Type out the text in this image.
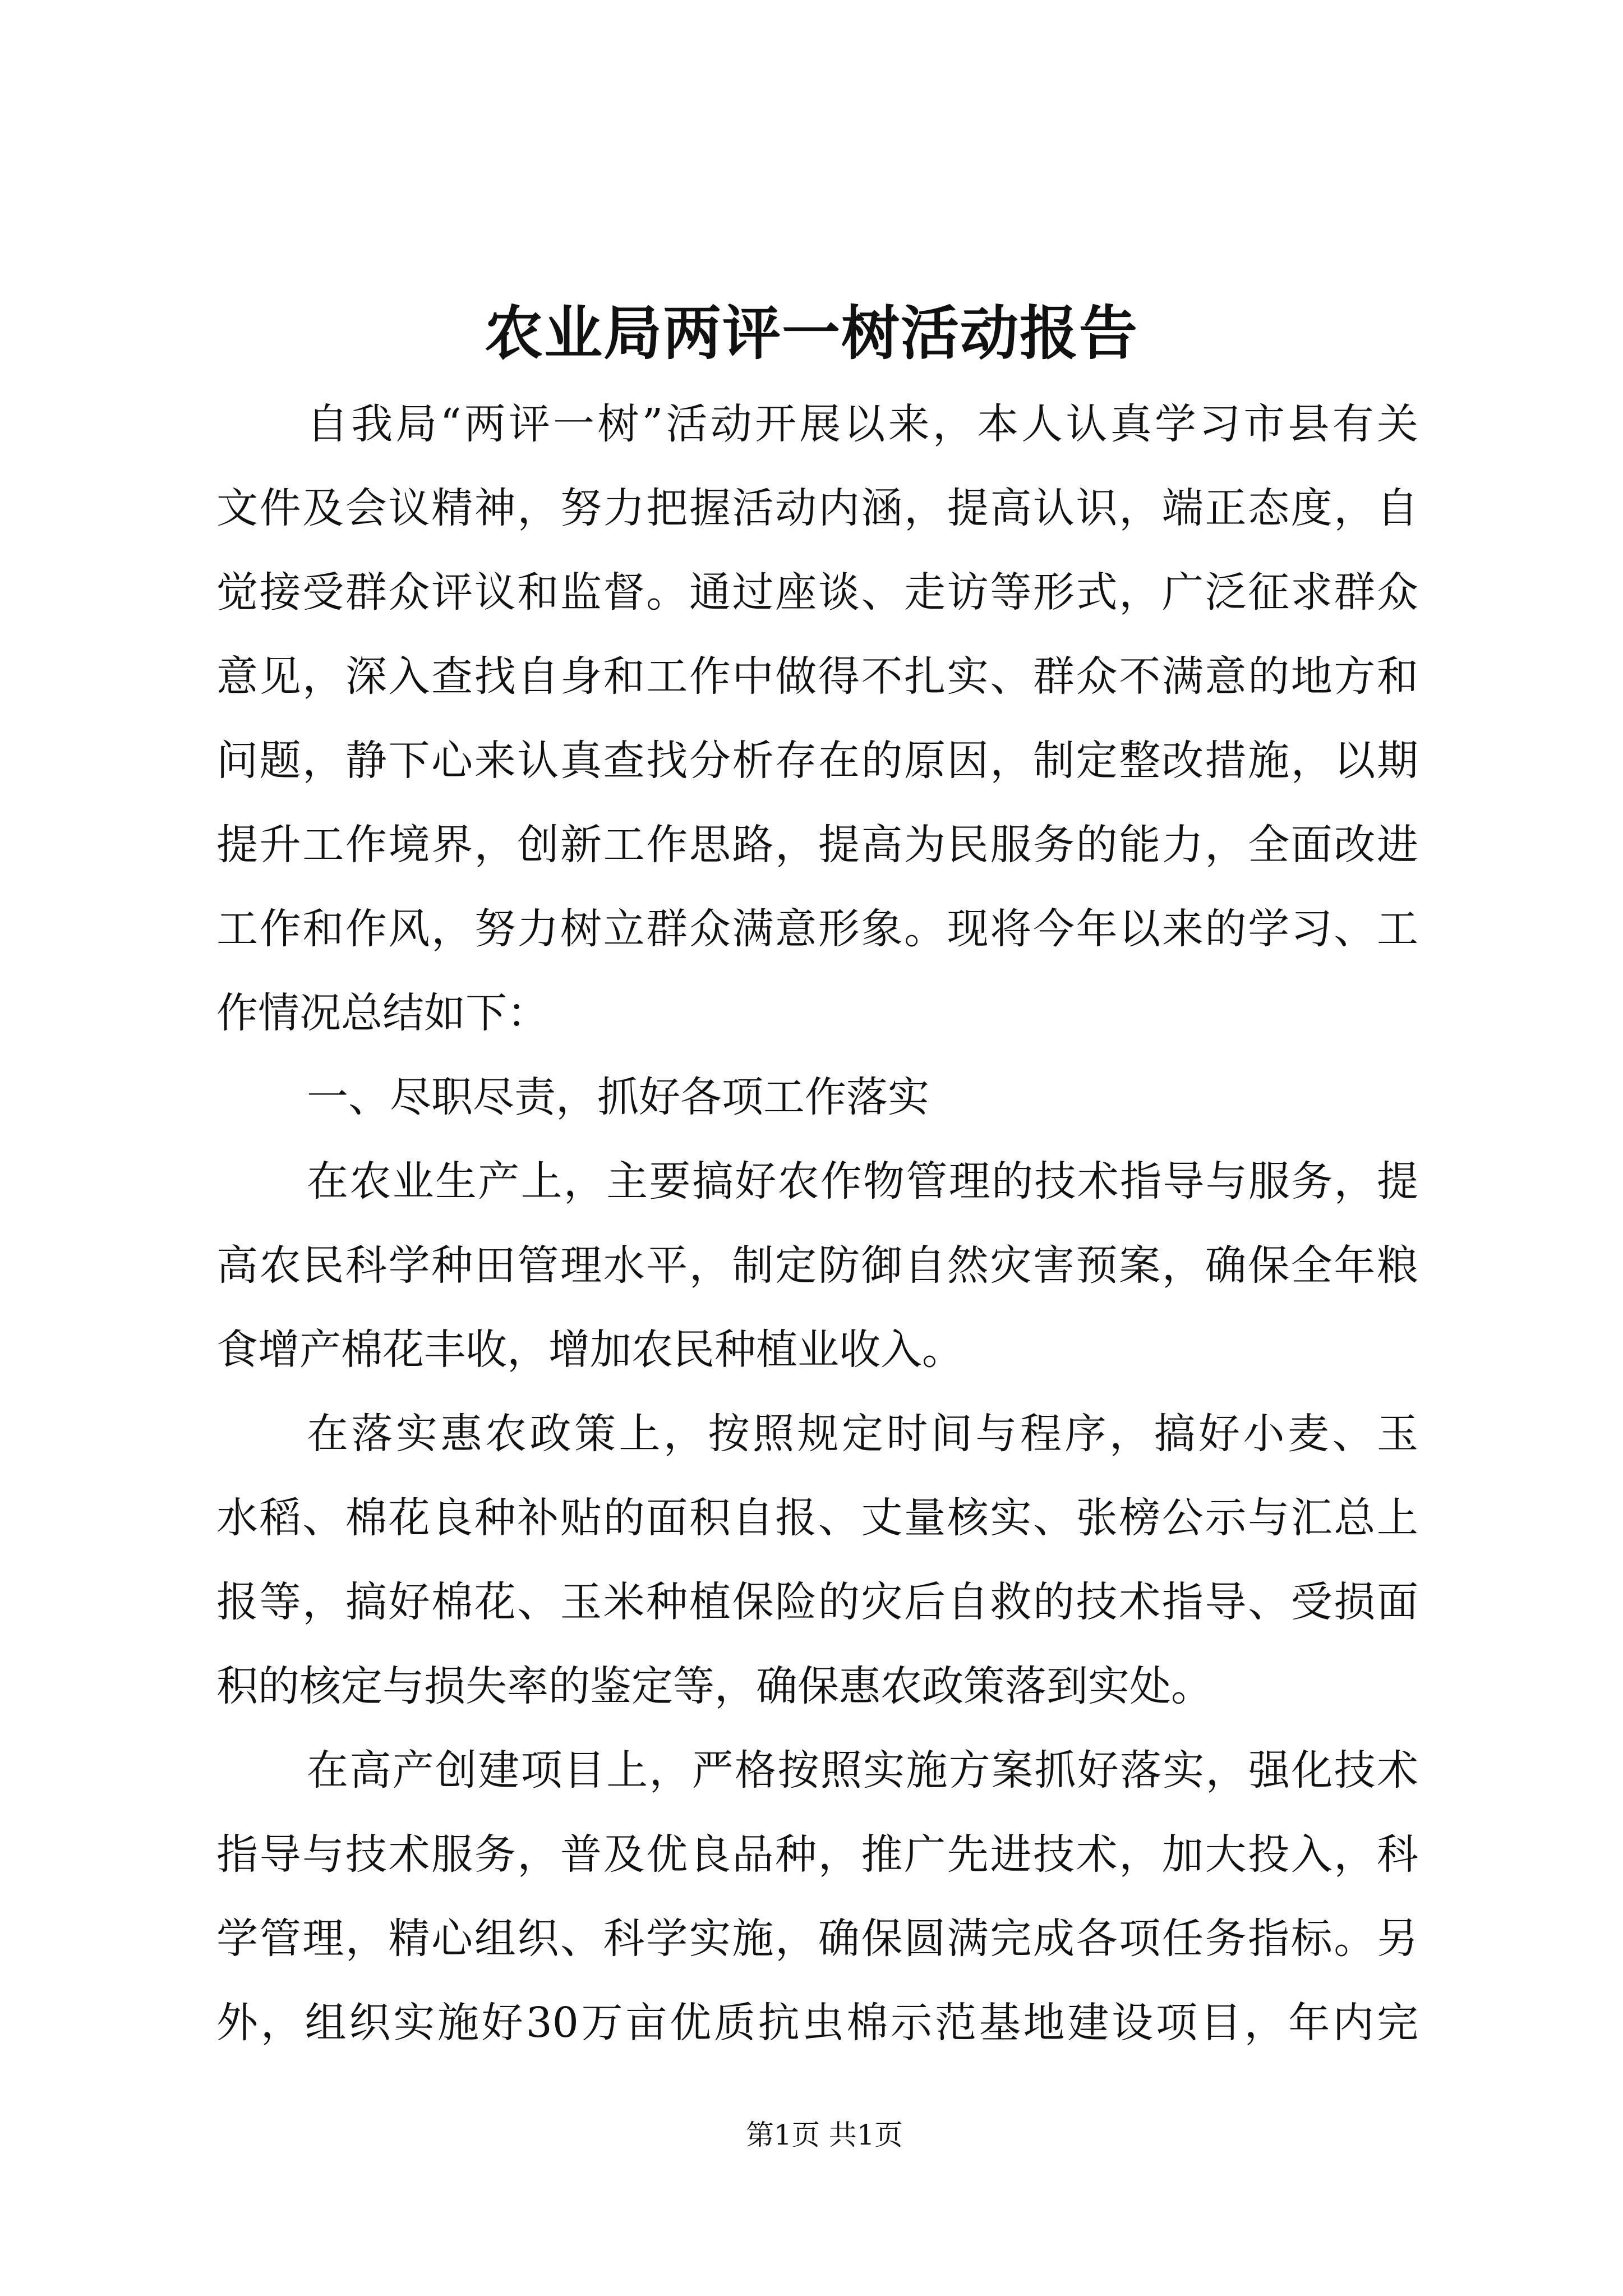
农业局两评一树活动报告
自我局“两评一树”活动开展以来，本人认真学习市县有关
文件及会议精神，努力把握活动内涵，提高认识，端正态度，自
觉接受群众评议和监督。通过座谈、走访等形式，广泛征求群众
意见，深入查找自身和工作中做得不扎实、群众不满意的地方和
问题，静下心来认真查找分析存在的原因，制定整改措施，以期
提升工作境界，创新工作思路，提高为民服务的能力，全面改进
工作和作风，努力树立群众满意形象。现将今年以来的学习、工
作情况总结如下：
一、尽职尽责，抓好各项工作落实
在农业生产上，主要搞好农作物管理的技术指导与服务，提
高农民科学种田管理水平，制定防御自然灾害预案，确保全年粮
食增产棉花丰收，增加农民种植业收入。
在落实惠农政策上，按照规定时间与程序，搞好小麦、玉
水稻、棉花良种补贴的面积自报、丈量核实、张榜公示与汇总上
报等，搞好棉花、玉米种植保险的灾后自救的技术指导、受损面
积的核定与损失率的鉴定等，确保惠农政策落到实处。
在高产创建项目上，严格按照实施方案抓好落实，强化技术
指导与技术服务，普及优良品种，推广先进技术，加大投入，科
学管理，精心组织、科学实施，确保圆满完成各项任务指标。另
外，组织实施好30万亩优质抗虫棉示范基地建设项目，年内完
第1页 共1页
